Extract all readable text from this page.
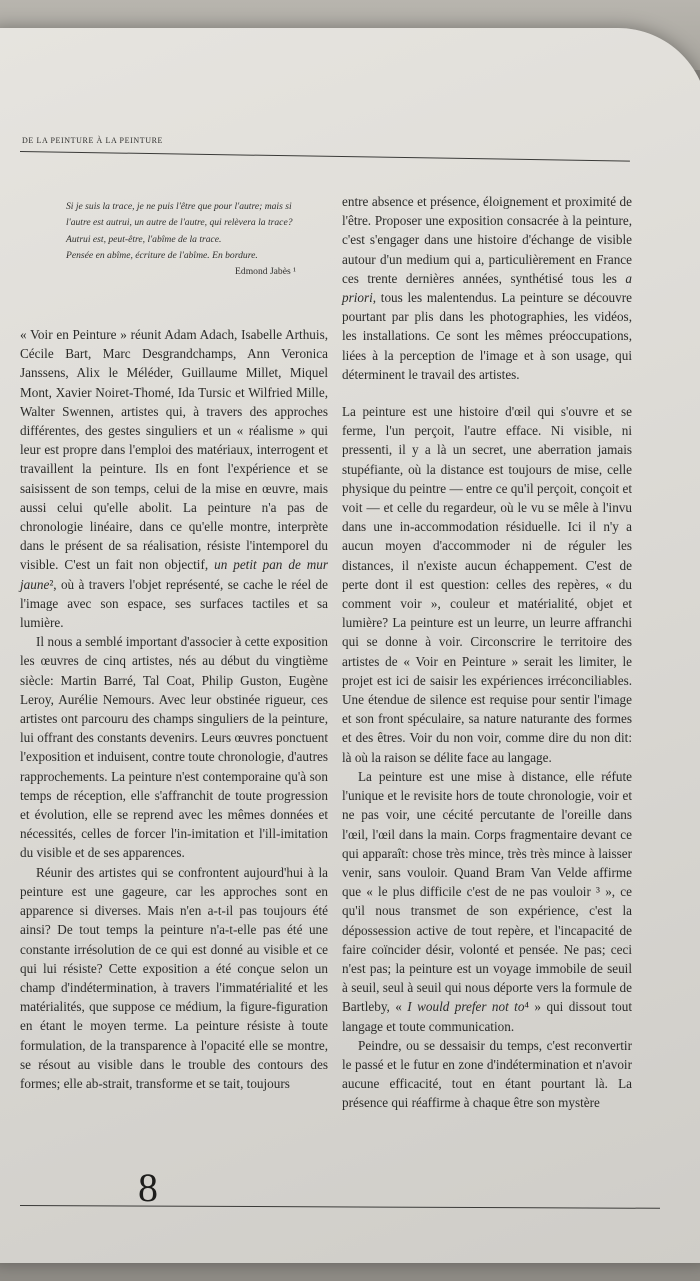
DE LA PEINTURE À LA PEINTURE
Si je suis la trace, je ne puis l'être que pour l'autre; mais si l'autre est autrui, un autre de l'autre, qui relèvera la trace? Autrui est, peut-être, l'abîme de la trace.
Pensée en abîme, écriture de l'abîme. En bordure.
Edmond Jabès ¹

« Voir en Peinture » réunit Adam Adach, Isabelle Arthuis, Cécile Bart, Marc Desgrandchamps, Ann Veronica Janssens, Alix le Méléder, Guillaume Millet, Miquel Mont, Xavier Noiret-Thomé, Ida Tursic et Wilfried Mille, Walter Swennen, artistes qui, à travers des approches différentes, des gestes singuliers et un « réalisme » qui leur est propre dans l'emploi des matériaux, interrogent et travaillent la peinture. Ils en font l'expérience et se saisissent de son temps, celui de la mise en œuvre, mais aussi celui qu'elle abolit. La peinture n'a pas de chronologie linéaire, dans ce qu'elle montre, interprète dans le présent de sa réalisation, résiste l'intemporel du visible. C'est un fait non objectif, un petit pan de mur jaune², où à travers l'objet représenté, se cache le réel de l'image avec son espace, ses surfaces tactiles et sa lumière.

Il nous a semblé important d'associer à cette exposition les œuvres de cinq artistes, nés au début du vingtième siècle: Martin Barré, Tal Coat, Philip Guston, Eugène Leroy, Aurélie Nemours. Avec leur obstinée rigueur, ces artistes ont parcouru des champs singuliers de la peinture, lui offrant des constants devenirs. Leurs œuvres ponctuent l'exposition et induisent, contre toute chronologie, d'autres rapprochements. La peinture n'est contemporaine qu'à son temps de réception, elle s'affranchit de toute progression et évolution, elle se reprend avec les mêmes données et nécessités, celles de forcer l'in-imitation et l'ill-imitation du visible et de ses apparences.

Réunir des artistes qui se confrontent aujourd'hui à la peinture est une gageure, car les approches sont en apparence si diverses. Mais n'en a-t-il pas toujours été ainsi? De tout temps la peinture n'a-t-elle pas été une constante irrésolution de ce qui est donné au visible et ce qui lui résiste? Cette exposition a été conçue selon un champ d'indétermination, à travers l'immatérialité et les matérialités, que suppose ce médium, la figure-figuration en étant le moyen terme. La peinture résiste à toute formulation, de la transparence à l'opacité elle se montre, se résout au visible dans le trouble des contours des formes; elle ab-strait, transforme et se tait, toujours

entre absence et présence, éloignement et proximité de l'être. Proposer une exposition consacrée à la peinture, c'est s'engager dans une histoire d'échange de visible autour d'un medium qui a, particulièrement en France ces trente dernières années, synthétisé tous les a priori, tous les malentendus. La peinture se découvre pourtant par plis dans les photographies, les vidéos, les installations. Ce sont les mêmes préoccupations, liées à la perception de l'image et à son usage, qui déterminent le travail des artistes.

La peinture est une histoire d'œil qui s'ouvre et se ferme, l'un perçoit, l'autre efface. Ni visible, ni pressenti, il y a là un secret, une aberration jamais stupéfiante, où la distance est toujours de mise, celle physique du peintre — entre ce qu'il perçoit, conçoit et voit — et celle du regardeur, où le vu se mêle à l'invu dans une in-accommodation résiduelle. Ici il n'y a aucun moyen d'accommoder ni de réguler les distances, il n'existe aucun échappement. C'est de perte dont il est question: celles des repères, « du comment voir », couleur et matérialité, objet et lumière? La peinture est un leurre, un leurre affranchi qui se donne à voir. Circonscrire le territoire des artistes de « Voir en Peinture » serait les limiter, le projet est ici de saisir les expériences irréconciliables. Une étendue de silence est requise pour sentir l'image et son front spéculaire, sa nature naturante des formes et des êtres. Voir du non voir, comme dire du non dit: là où la raison se délite face au langage.

La peinture est une mise à distance, elle réfute l'unique et le revisite hors de toute chronologie, voir et ne pas voir, une cécité percutante de l'oreille dans l'œil, l'œil dans la main. Corps fragmentaire devant ce qui apparaît: chose très mince, très très mince à laisser venir, sans vouloir. Quand Bram Van Velde affirme que « le plus difficile c'est de ne pas vouloir ³ », ce qu'il nous transmet de son expérience, c'est la dépossession active de tout repère, et l'incapacité de faire coïncider désir, volonté et pensée. Ne pas; ceci n'est pas; la peinture est un voyage immobile de seuil à seuil, seul à seuil qui nous déporte vers la formule de Bartleby, « I would prefer not to⁴ » qui dissout tout langage et toute communication.

Peindre, ou se dessaisir du temps, c'est reconvertir le passé et le futur en zone d'indétermination et n'avoir aucune efficacité, tout en étant pourtant là. La présence qui réaffirme à chaque être son mystère

8
